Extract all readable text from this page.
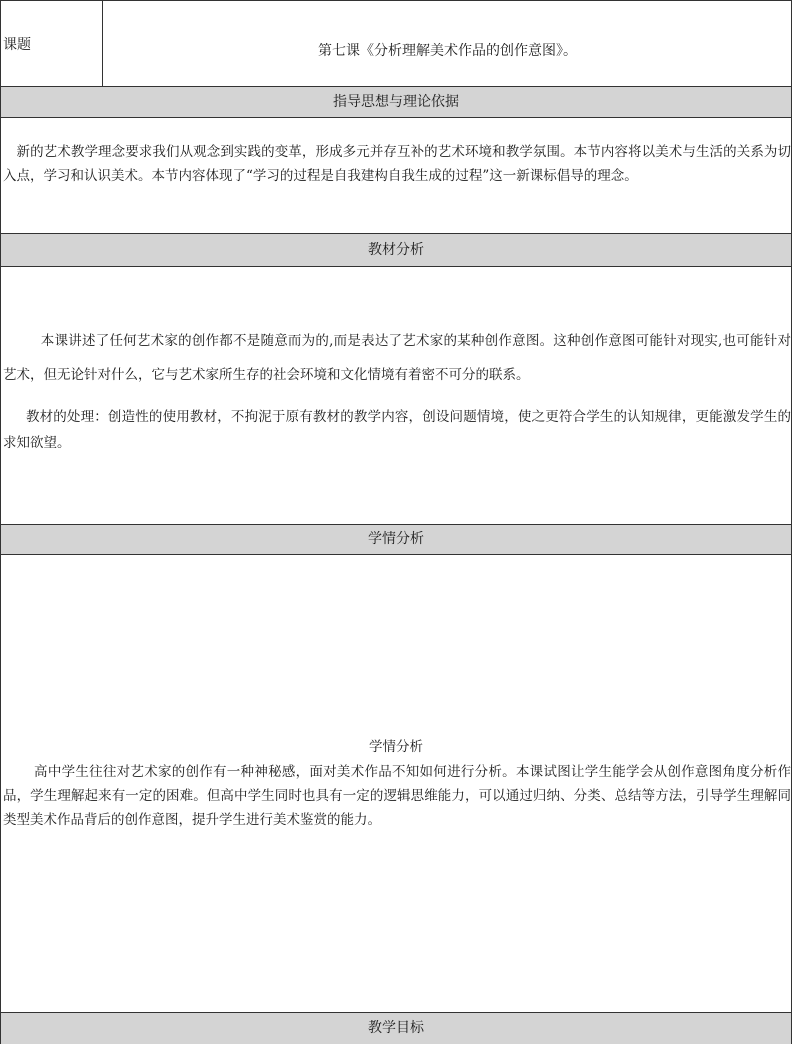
课题	第七课《分析理解美术作品的创作意图》。
指导思想与理论依据
新的艺术教学理念要求我们从观念到实践的变革，形成多元并存互补的艺术环境和教学氛围。本节内容将以美术与生活的关系为切入点，学习和认识美术。本节内容体现了“学习的过程是自我建构自我生成的过程”这一新课标倡导的理念。
教材分析
本课讲述了任何艺术家的创作都不是随意而为的,而是表达了艺术家的某种创作意图。这种创作意图可能针对现实,也可能针对艺术，但无论针对什么，它与艺术家所生存的社会环境和文化情境有着密不可分的联系。
教材的处理：创造性的使用教材，不拘泥于原有教材的教学内容，创设问题情境，使之更符合学生的认知规律，更能激发学生的求知欲望。
学情分析
学情分析
高中学生往往对艺术家的创作有一种神秘感，面对美术作品不知如何进行分析。本课试图让学生能学会从创作意图角度分析作品，学生理解起来有一定的困难。但高中学生同时也具有一定的逻辑思维能力，可以通过归纳、分类、总结等方法，引导学生理解同类型美术作品背后的创作意图，提升学生进行美术鉴赏的能力。
教学目标
